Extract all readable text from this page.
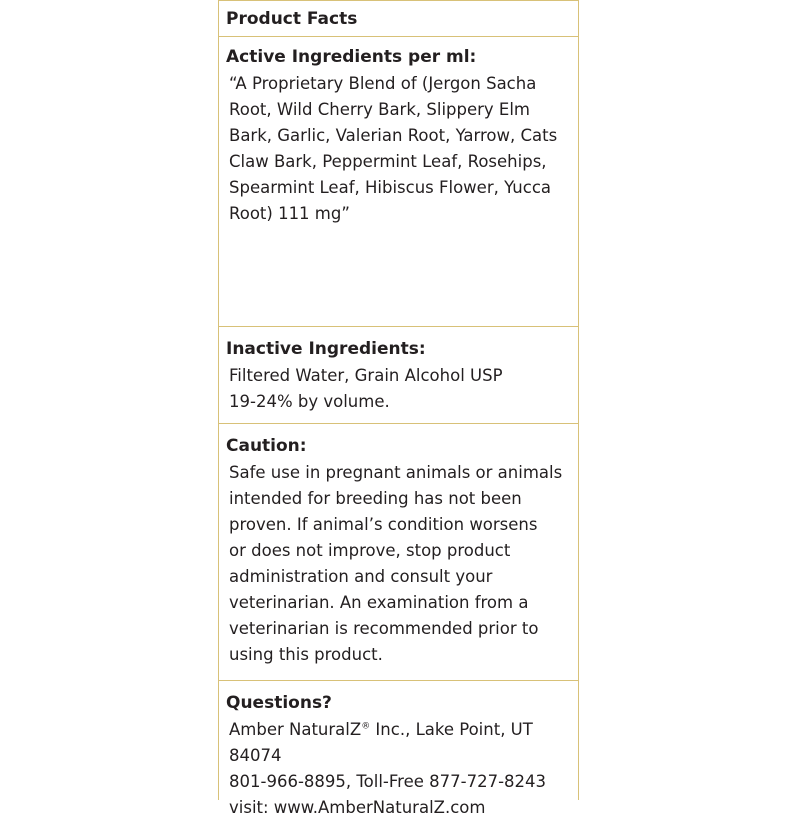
Product Facts

Active Ingredients per ml:

“A Proprietary Blend of (Jergon Sacha
Root, Wild Cherry Bark, Slippery Elm
Bark, Garlic, Valerian Root, Yarrow, Cats
Claw Bark, Peppermint Leaf, Rosehips,
Spearmint Leaf, Hibiscus Flower, Yucca
Root) 111 mg”

Inactive Ingredients:

Filtered Water, Grain Alcohol USP
19-24% by volume.

Caution:

Safe use in pregnant animals or animals
intended for breeding has not been
proven. If animal’s condition worsens
or does not improve, stop product
administration and consult your
veterinarian. An examination from a
veterinarian is recommended prior to
using this product.

Questions?

Amber NaturalZ® Inc., Lake Point, UT 84074

801-966-8895, Toll-Free 877-727-8243

visit: www.AmberNaturalZ.com
